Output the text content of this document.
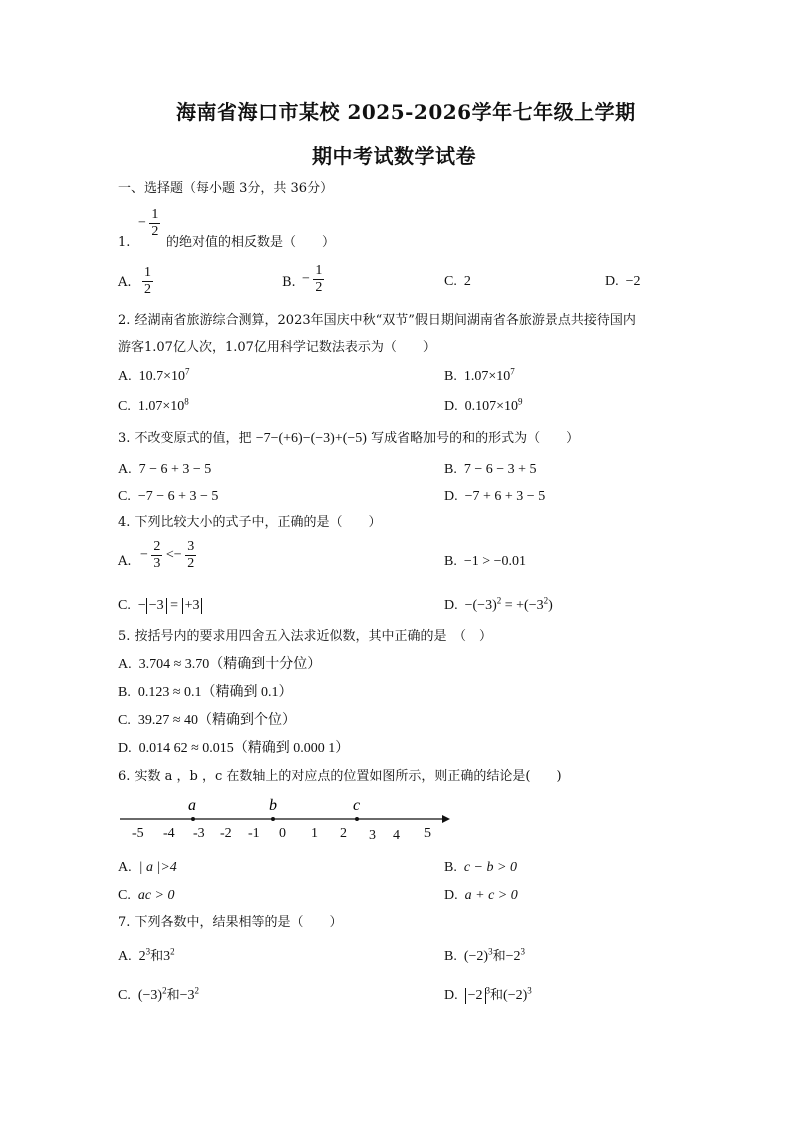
海南省海口市某校 2025-2026学年七年级上学期
期中考试数学试卷
一、选择题（每小题 3分，共 36分）
− $\frac{1}{2}$
1.	的绝对值的相反数是（　　）
A. $\frac{1}{2}$	B. − $\frac{1}{2}$	C. 2	D. −2
2. 经湖南省旅游综合测算，2023年国庆中秋“双节”假日期间湖南省各旅游景点共接待国内
游客1.07亿人次，1.07亿用科学记数法表示为（　　）
A. $10.7\times 10^7$	B. $1.07\times 10^7$
C. $1.07\times 10^8$	D. $0.107\times 10^9$
3. 不改变原式的值，把 −7−(+6)−(−3)+(−5) 写成省略加号的和的形式为（　　）
A. 7 − 6 + 3 − 5	B. 7 − 6 − 3 + 5
C. −7 − 6 + 3 − 5	D. −7 + 6 + 3 − 5
4. 下列比较大小的式子中，正确的是（　　）
A. − $\frac{2}{3} <- \frac{3}{2}$	B. −1 > −0.01
C. − −3 = +3	D. $-(-3)^2 = +(-3^2)$
5. 按括号内的要求用四舍五入法求近似数，其中正确的是　（　）
A. 3.704 ≈ 3.70（精确到十分位）
B. 0.123 ≈ 0.1（精确到 0.1）
C. 39.27 ≈ 40（精确到个位）
D. 0.014 62 ≈ 0.015（精确到 0.000 1）
6. 实数 a ，b ，c 在数轴上的对应点的位置如图所示，则正确的结论是(　　)
-5 -4 -3 -2 -1 0 1 2 3 4 5
a	b	c
A. | a |>4	B. c − b > 0
C. ac > 0	D. a + c > 0
7. 下列各数中，结果相等的是（　　）
A. $2^3$和$3^2$	B. $(-2)^3$和$-2^3$
C. $(-3)^2$和$-3^2$	D. −2 $^3$和$(-2)^3$
